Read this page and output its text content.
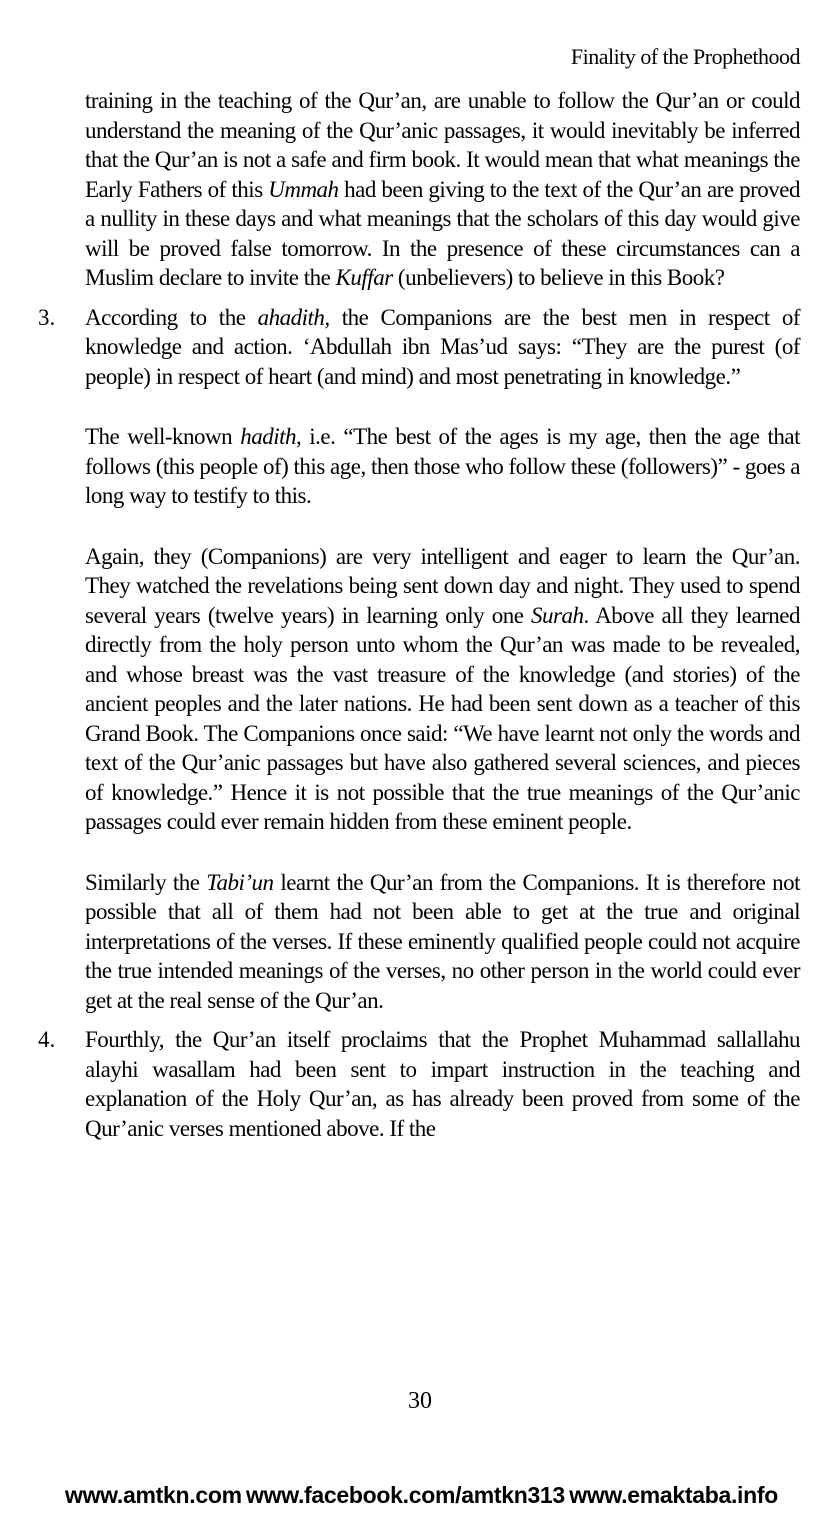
Finality of the Prophethood

training in the teaching of the Qur’an, are unable to follow the Qur’an or could understand the meaning of the Qur’anic passages, it would inevitably be inferred that the Qur’an is not a safe and firm book. It would mean that what meanings the Early Fathers of this Ummah had been giving to the text of the Qur’an are proved a nullity in these days and what meanings that the scholars of this day would give will be proved false tomorrow. In the presence of these circumstances can a Muslim declare to invite the Kuffar (unbelievers) to believe in this Book?

3. According to the ahadith, the Companions are the best men in respect of knowledge and action. ‘Abdullah ibn Mas’ud says: “They are the purest (of people) in respect of heart (and mind) and most penetrating in knowledge.”

The well-known hadith, i.e. “The best of the ages is my age, then the age that follows (this people of) this age, then those who follow these (followers)” - goes a long way to testify to this.

Again, they (Companions) are very intelligent and eager to learn the Qur’an. They watched the revelations being sent down day and night. They used to spend several years (twelve years) in learning only one Surah. Above all they learned directly from the holy person unto whom the Qur’an was made to be revealed, and whose breast was the vast treasure of the knowledge (and stories) of the ancient peoples and the later nations. He had been sent down as a teacher of this Grand Book. The Companions once said: “We have learnt not only the words and text of the Qur’anic passages but have also gathered several sciences, and pieces of knowledge.” Hence it is not possible that the true meanings of the Qur’anic passages could ever remain hidden from these eminent people.

Similarly the Tabi’un learnt the Qur’an from the Companions. It is therefore not possible that all of them had not been able to get at the true and original interpretations of the verses. If these eminently qualified people could not acquire the true intended meanings of the verses, no other person in the world could ever get at the real sense of the Qur’an.

4. Fourthly, the Qur’an itself proclaims that the Prophet Muhammad sallallahu alayhi wasallam had been sent to impart instruction in the teaching and explanation of the Holy Qur’an, as has already been proved from some of the Qur’anic verses mentioned above. If the

30
www.amtkn.com www.facebook.com/amtkn313 www.emaktaba.info
